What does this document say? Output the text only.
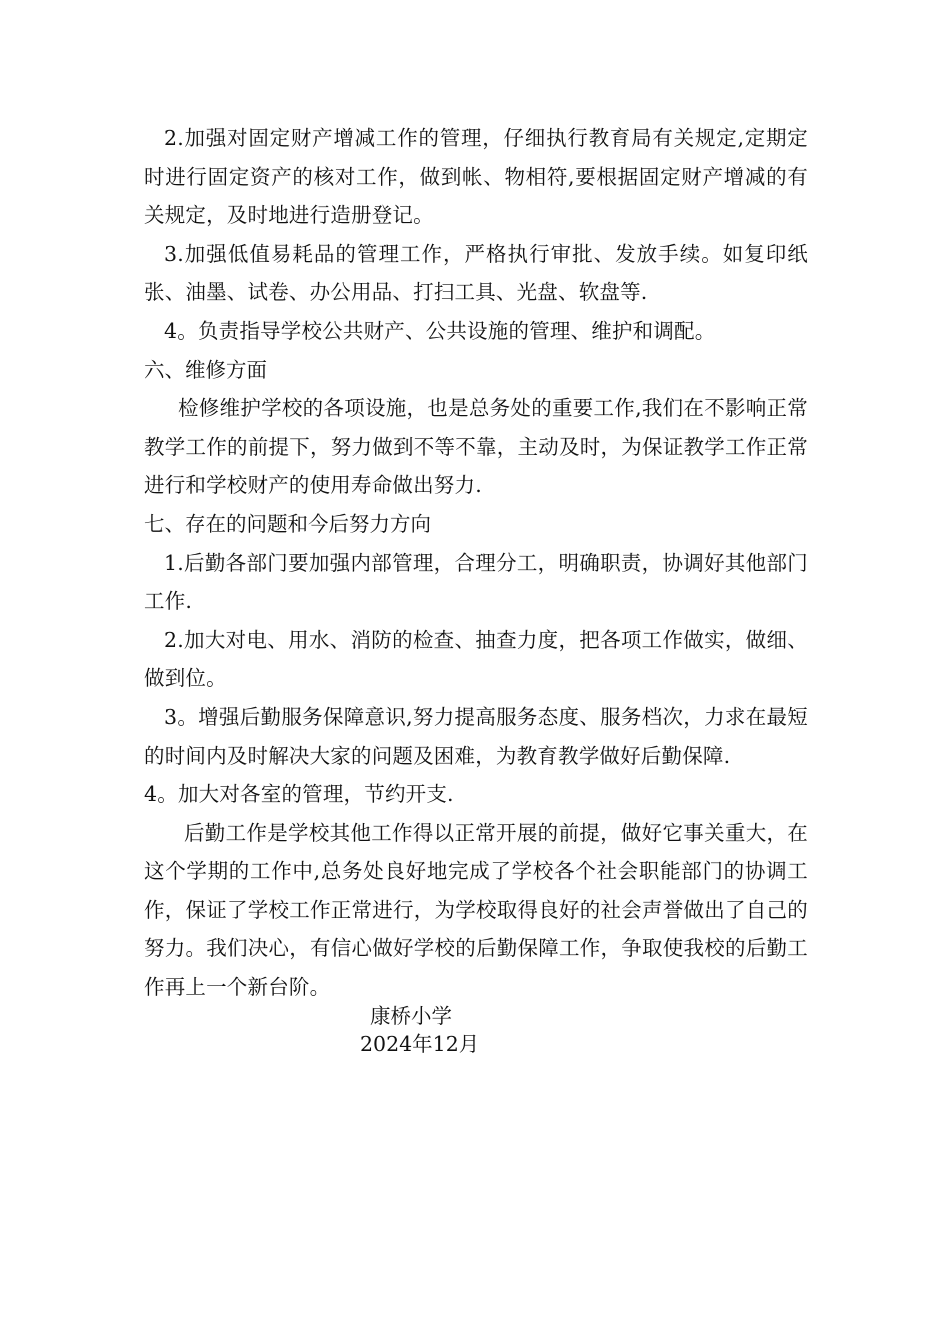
2.加强对固定财产增减工作的管理，仔细执行教育局有关规定,定期定时进行固定资产的核对工作，做到帐、物相符,要根据固定财产增减的有关规定，及时地进行造册登记。

3.加强低值易耗品的管理工作，严格执行审批、发放手续。如复印纸张、油墨、试卷、办公用品、打扫工具、光盘、软盘等.

4。负责指导学校公共财产、公共设施的管理、维护和调配。

六、维修方面

检修维护学校的各项设施，也是总务处的重要工作,我们在不影响正常教学工作的前提下，努力做到不等不靠，主动及时，为保证教学工作正常进行和学校财产的使用寿命做出努力.

七、存在的问题和今后努力方向

1.后勤各部门要加强内部管理，合理分工，明确职责，协调好其他部门工作.

2.加大对电、用水、消防的检查、抽查力度，把各项工作做实，做细、做到位。

3。增强后勤服务保障意识,努力提高服务态度、服务档次，力求在最短的时间内及时解决大家的问题及困难，为教育教学做好后勤保障.

4。加大对各室的管理，节约开支.

后勤工作是学校其他工作得以正常开展的前提，做好它事关重大，在这个学期的工作中,总务处良好地完成了学校各个社会职能部门的协调工作，保证了学校工作正常进行，为学校取得良好的社会声誉做出了自己的努力。我们决心，有信心做好学校的后勤保障工作，争取使我校的后勤工作再上一个新台阶。

康桥小学
2024年12月
